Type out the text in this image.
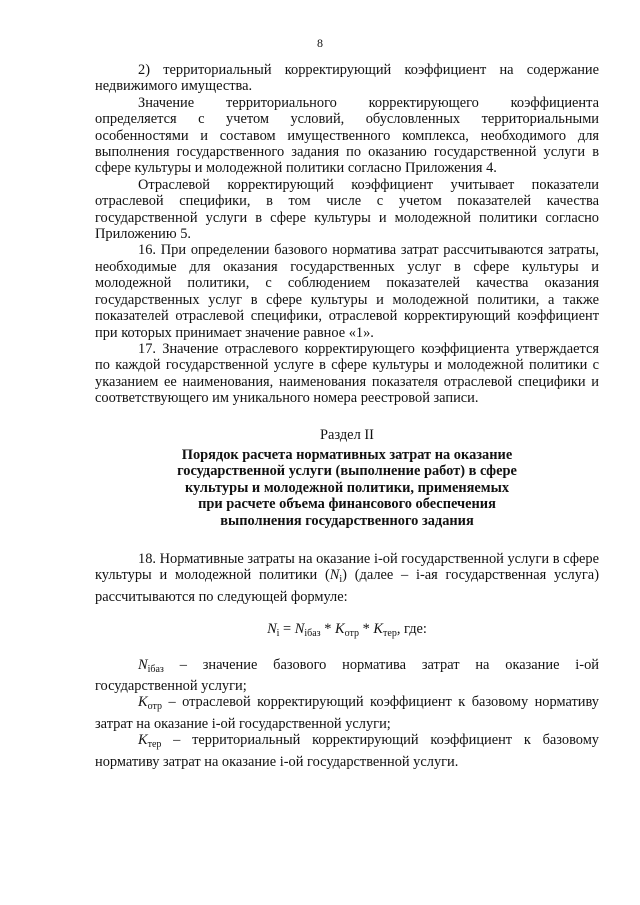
8

2) территориальный корректирующий коэффициент на содержание недвижимого имущества.

Значение территориального корректирующего коэффициента определяется с учетом условий, обусловленных территориальными особенностями и составом имущественного комплекса, необходимого для выполнения государственного задания по оказанию государственной услуги в сфере культуры и молодежной политики согласно Приложения 4.

Отраслевой корректирующий коэффициент учитывает показатели отраслевой специфики, в том числе с учетом показателей качества государственной услуги в сфере культуры и молодежной политики согласно Приложению 5.

16. При определении базового норматива затрат рассчитываются затраты, необходимые для оказания государственных услуг в сфере культуры и молодежной политики, с соблюдением показателей качества оказания государственных услуг в сфере культуры и молодежной политики, а также показателей отраслевой специфики, отраслевой корректирующий коэффициент при которых принимает значение равное «1».

17. Значение отраслевого корректирующего коэффициента утверждается по каждой государственной услуге в сфере культуры и молодежной политики с указанием ее наименования, наименования показателя отраслевой специфики и соответствующего им уникального номера реестровой записи.

Раздел II

Порядок расчета нормативных затрат на оказание
государственной услуги (выполнение работ) в сфере
культуры и молодежной политики, применяемых
при расчете объема финансового обеспечения
выполнения государственного задания

18. Нормативные затраты на оказание i-ой государственной услуги в сфере культуры и молодежной политики $(N_i)$ (далее – i-ая государственная услуга) рассчитываются по следующей формуле:

$N_i = N_{iбаз} * K_{отр} * K_{тер}$, где:

$N_{iбаз}$ – значение базового норматива затрат на оказание i-ой государственной услуги;

$K_{отр}$ – отраслевой корректирующий коэффициент к базовому нормативу затрат на оказание i-ой государственной услуги;

$K_{тер}$ – территориальный корректирующий коэффициент к базовому нормативу затрат на оказание i-ой государственной услуги.
